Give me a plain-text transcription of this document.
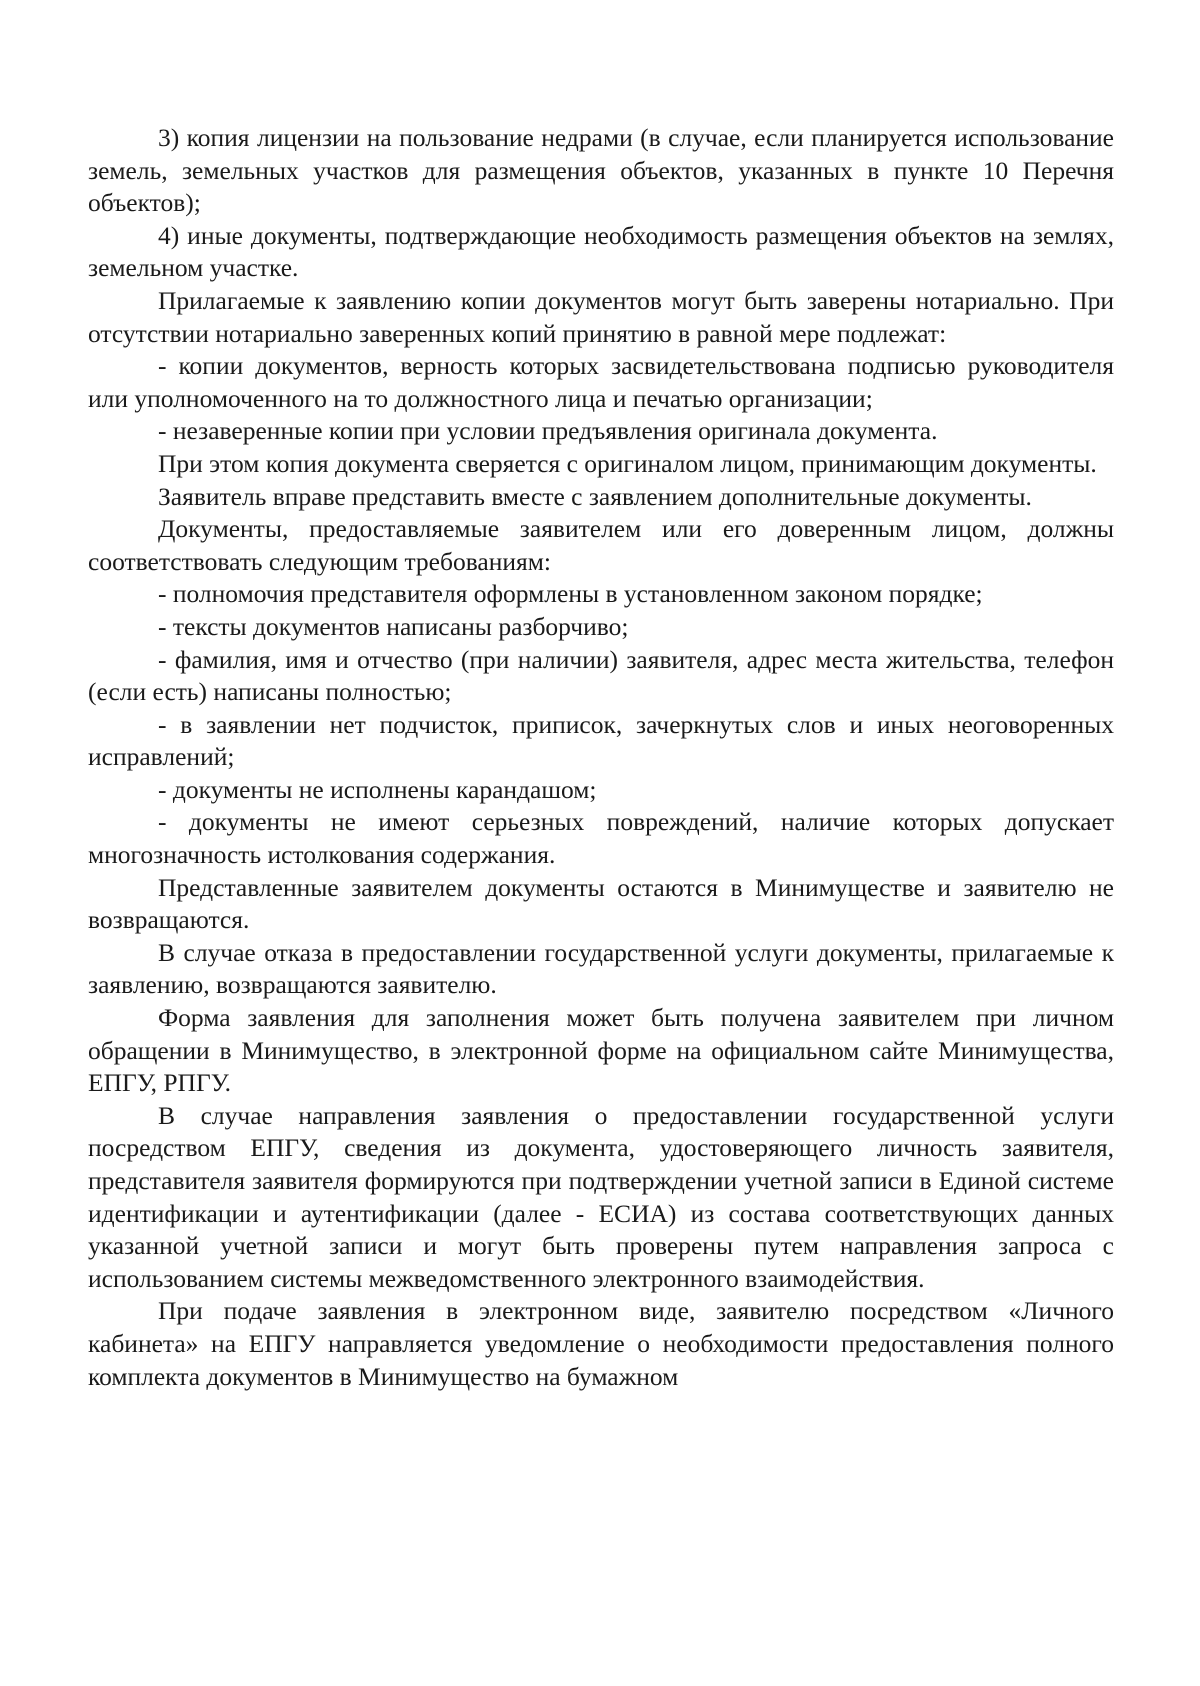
3) копия лицензии на пользование недрами (в случае, если планируется использование земель, земельных участков для размещения объектов, указанных в пункте 10 Перечня объектов);

4) иные документы, подтверждающие необходимость размещения объектов на землях, земельном участке.

Прилагаемые к заявлению копии документов могут быть заверены нотариально. При отсутствии нотариально заверенных копий принятию в равной мере подлежат:

- копии документов, верность которых засвидетельствована подписью руководителя или уполномоченного на то должностного лица и печатью организации;

- незаверенные копии при условии предъявления оригинала документа.

При этом копия документа сверяется с оригиналом лицом, принимающим документы.

Заявитель вправе представить вместе с заявлением дополнительные документы.

Документы, предоставляемые заявителем или его доверенным лицом, должны соответствовать следующим требованиям:

- полномочия представителя оформлены в установленном законом порядке;

- тексты документов написаны разборчиво;

- фамилия, имя и отчество (при наличии) заявителя, адрес места жительства, телефон (если есть) написаны полностью;

- в заявлении нет подчисток, приписок, зачеркнутых слов и иных неоговоренных исправлений;

- документы не исполнены карандашом;

- документы не имеют серьезных повреждений, наличие которых допускает многозначность истолкования содержания.

Представленные заявителем документы остаются в Минимуществе и заявителю не возвращаются.

В случае отказа в предоставлении государственной услуги документы, прилагаемые к заявлению, возвращаются заявителю.

Форма заявления для заполнения может быть получена заявителем при личном обращении в Минимущество, в электронной форме на официальном сайте Минимущества, ЕПГУ, РПГУ.

В случае направления заявления о предоставлении государственной услуги посредством ЕПГУ, сведения из документа, удостоверяющего личность заявителя, представителя заявителя формируются при подтверждении учетной записи в Единой системе идентификации и аутентификации (далее - ЕСИА) из состава соответствующих данных указанной учетной записи и могут быть проверены путем направления запроса с использованием системы межведомственного электронного взаимодействия.

При подаче заявления в электронном виде, заявителю посредством «Личного кабинета» на ЕПГУ направляется уведомление о необходимости предоставления полного комплекта документов в Минимущество на бумажном
